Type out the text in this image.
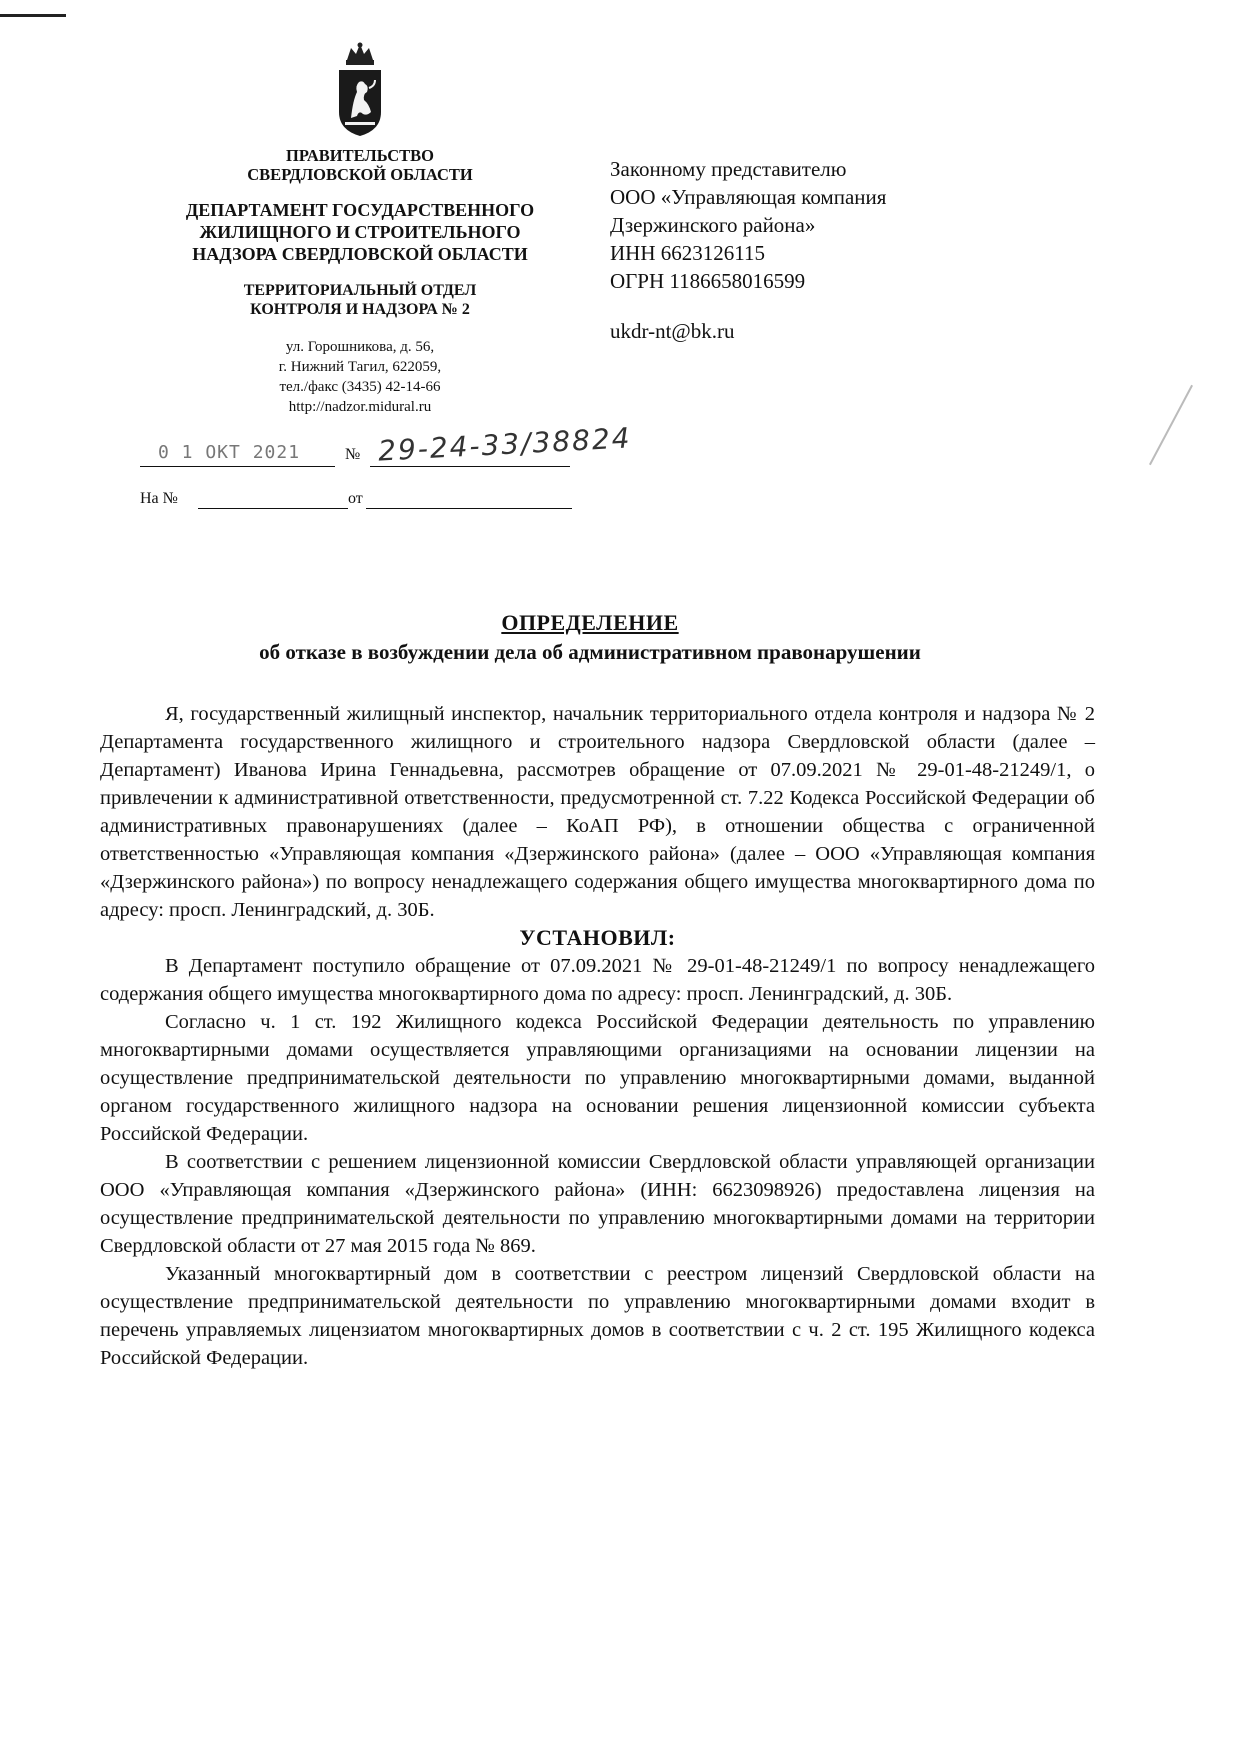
ПРАВИТЕЛЬСТВО
СВЕРДЛОВСКОЙ ОБЛАСТИ
ДЕПАРТАМЕНТ ГОСУДАРСТВЕННОГО
ЖИЛИЩНОГО И СТРОИТЕЛЬНОГО
НАДЗОРА СВЕРДЛОВСКОЙ ОБЛАСТИ
ТЕРРИТОРИАЛЬНЫЙ ОТДЕЛ
КОНТРОЛЯ И НАДЗОРА № 2
ул. Горошникова, д. 56,
г. Нижний Тагил, 622059,
тел./факс (3435) 42-14-66
http://nadzor.midural.ru
0 1 ОКТ 2021	№ 29-24-33/38824
На №	от
Законному представителю
ООО «Управляющая компания
Дзержинского района»
ИНН 6623126115
ОГРН 1186658016599
ukdr-nt@bk.ru
ОПРЕДЕЛЕНИЕ
об отказе в возбуждении дела об административном правонарушении

Я, государственный жилищный инспектор, начальник территориального отдела контроля и надзора № 2 Департамента государственного жилищного и строительного надзора Свердловской области (далее – Департамент) Иванова Ирина Геннадьевна, рассмотрев обращение от 07.09.2021 № 29-01-48-21249/1, о привлечении к административной ответственности, предусмотренной ст. 7.22 Кодекса Российской Федерации об административных правонарушениях (далее – КоАП РФ), в отношении общества с ограниченной ответственностью «Управляющая компания «Дзержинского района» (далее – ООО «Управляющая компания «Дзержинского района») по вопросу ненадлежащего содержания общего имущества многоквартирного дома по адресу: просп. Ленинградский, д. 30Б.

УСТАНОВИЛ:

В Департамент поступило обращение от 07.09.2021 № 29-01-48-21249/1 по вопросу ненадлежащего содержания общего имущества многоквартирного дома по адресу: просп. Ленинградский, д. 30Б.

Согласно ч. 1 ст. 192 Жилищного кодекса Российской Федерации деятельность по управлению многоквартирными домами осуществляется управляющими организациями на основании лицензии на осуществление предпринимательской деятельности по управлению многоквартирными домами, выданной органом государственного жилищного надзора на основании решения лицензионной комиссии субъекта Российской Федерации.

В соответствии с решением лицензионной комиссии Свердловской области управляющей организации ООО «Управляющая компания «Дзержинского района» (ИНН: 6623098926) предоставлена лицензия на осуществление предпринимательской деятельности по управлению многоквартирными домами на территории Свердловской области от 27 мая 2015 года № 869.

Указанный многоквартирный дом в соответствии с реестром лицензий Свердловской области на осуществление предпринимательской деятельности по управлению многоквартирными домами входит в перечень управляемых лицензиатом многоквартирных домов в соответствии с ч. 2 ст. 195 Жилищного кодекса Российской Федерации.
